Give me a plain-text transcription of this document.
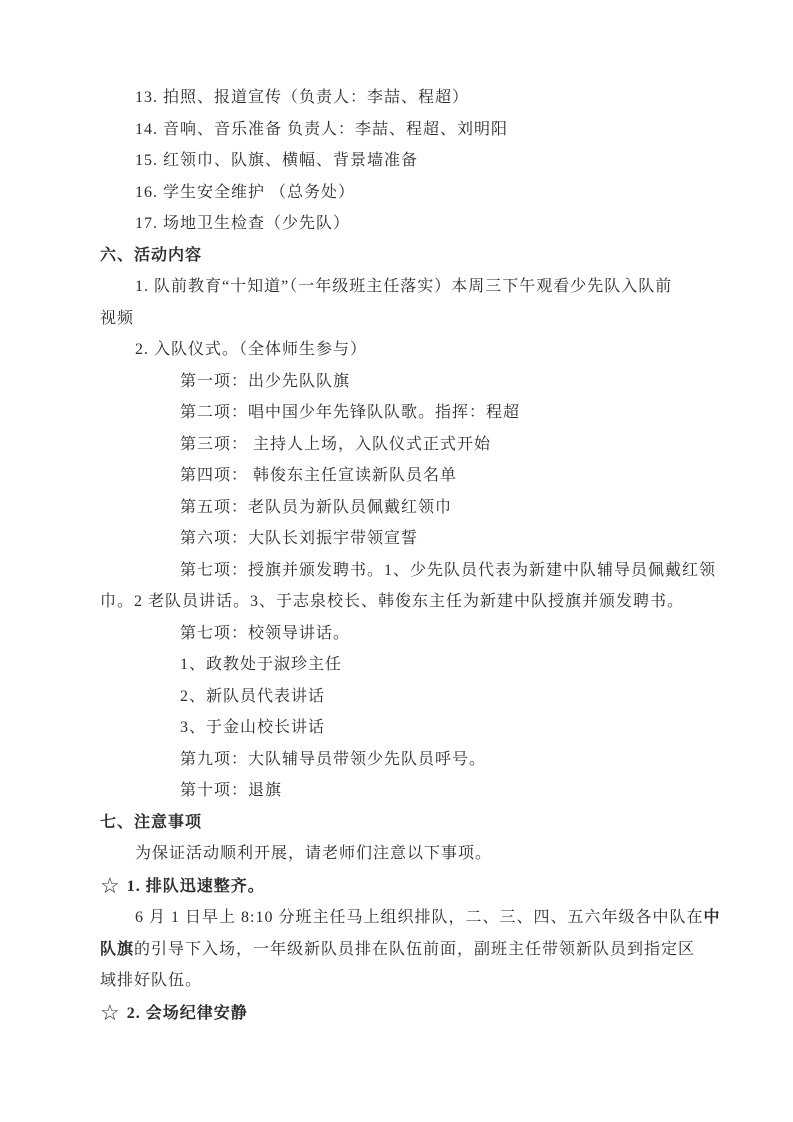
13. 拍照、报道宣传（负责人：李喆、程超）
14. 音响、音乐准备 负责人：李喆、程超、刘明阳
15. 红领巾、队旗、横幅、背景墙准备
16. 学生安全维护 （总务处）
17. 场地卫生检查（少先队）
六、活动内容
1. 队前教育“十知道”（一年级班主任落实）本周三下午观看少先队入队前
视频
2. 入队仪式。（全体师生参与）
第一项：出少先队队旗
第二项：唱中国少年先锋队队歌。指挥：程超
第三项： 主持人上场，入队仪式正式开始
第四项： 韩俊东主任宣读新队员名单
第五项：老队员为新队员佩戴红领巾
第六项：大队长刘振宇带领宣誓
第七项：授旗并颁发聘书。1、少先队员代表为新建中队辅导员佩戴红领
巾。2 老队员讲话。3、于志泉校长、韩俊东主任为新建中队授旗并颁发聘书。
第七项：校领导讲话。
1、政教处于淑珍主任
2、新队员代表讲话
3、于金山校长讲话
第九项：大队辅导员带领少先队员呼号。
第十项：退旗
七、注意事项
为保证活动顺利开展，请老师们注意以下事项。
☆ 1. 排队迅速整齐。
6 月 1 日早上 8:10 分班主任马上组织排队，二、三、四、五六年级各中队在中
队旗的引导下入场，一年级新队员排在队伍前面，副班主任带领新队员到指定区
域排好队伍。
☆ 2. 会场纪律安静
